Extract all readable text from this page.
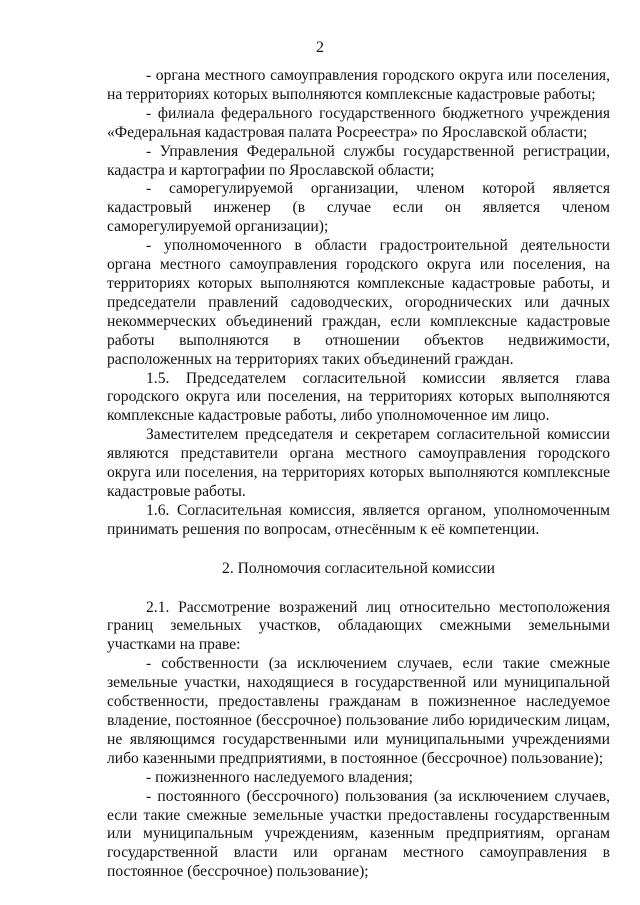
2

- органа местного самоуправления городского округа или поселения, на территориях которых выполняются комплексные кадастровые работы;

- филиала федерального государственного бюджетного учреждения «Федеральная кадастровая палата Росреестра» по Ярославской области;

- Управления Федеральной службы государственной регистрации, кадастра и картографии по Ярославской области;

- саморегулируемой организации, членом которой является кадастровый инженер (в случае если он является членом саморегулируемой организации);

- уполномоченного в области градостроительной деятельности органа местного самоуправления городского округа или поселения, на территориях которых выполняются комплексные кадастровые работы, и председатели правлений садоводческих, огороднических или дачных некоммерческих объединений граждан, если комплексные кадастровые работы выполняются в отношении объектов недвижимости, расположенных на территориях таких объединений граждан.

1.5. Председателем согласительной комиссии является глава городского округа или поселения, на территориях которых выполняются комплексные кадастровые работы, либо уполномоченное им лицо.

Заместителем председателя и секретарем согласительной комиссии являются представители органа местного самоуправления городского округа или поселения, на территориях которых выполняются комплексные кадастровые работы.

1.6. Согласительная комиссия, является органом, уполномоченным принимать решения по вопросам, отнесённым к её компетенции.

2. Полномочия согласительной комиссии

2.1. Рассмотрение возражений лиц относительно местоположения границ земельных участков, обладающих смежными земельными участками на праве:

- собственности (за исключением случаев, если такие смежные земельные участки, находящиеся в государственной или муниципальной собственности, предоставлены гражданам в пожизненное наследуемое владение, постоянное (бессрочное) пользование либо юридическим лицам, не являющимся государственными или муниципальными учреждениями либо казенными предприятиями, в постоянное (бессрочное) пользование);

- пожизненного наследуемого владения;

- постоянного (бессрочного) пользования (за исключением случаев, если такие смежные земельные участки предоставлены государственным или муниципальным учреждениям, казенным предприятиям, органам государственной власти или органам местного самоуправления в постоянное (бессрочное) пользование);
